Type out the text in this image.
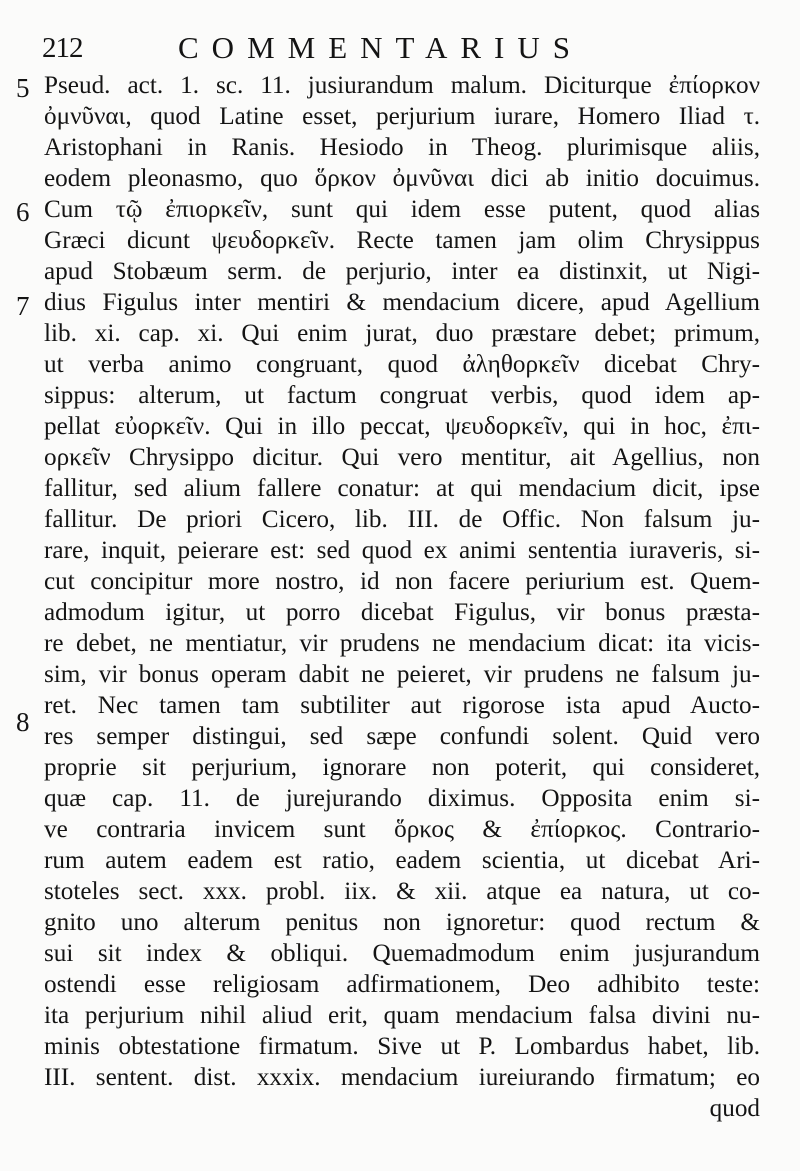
212	COMMENTARIUS
5
6
7
8
Pseud. act. 1. sc. 11. jusiurandum malum. Diciturque ἐπίορκον
ὀμνῦναι, quod Latine esset, perjurium iurare, Homero Iliad τ.
Aristophani in Ranis. Hesiodo in Theog. plurimisque aliis,
eodem pleonasmo, quo ὅρκον ὀμνῦναι dici ab initio docuimus.
Cum τῷ ἐπιορκεῖν, sunt qui idem esse putent, quod alias
Græci dicunt ψευδορκεῖν. Recte tamen jam olim Chrysippus
apud Stobæum serm. de perjurio, inter ea distinxit, ut Nigi-
dius Figulus inter mentiri & mendacium dicere, apud Agellium
lib. xi. cap. xi. Qui enim jurat, duo præstare debet; primum,
ut verba animo congruant, quod ἀληθορκεῖν dicebat Chry-
sippus: alterum, ut factum congruat verbis, quod idem ap-
pellat εὐορκεῖν. Qui in illo peccat, ψευδορκεῖν, qui in hoc, ἐπι-
ορκεῖν Chrysippo dicitur. Qui vero mentitur, ait Agellius, non
fallitur, sed alium fallere conatur: at qui mendacium dicit, ipse
fallitur. De priori Cicero, lib. III. de Offic. Non falsum ju-
rare, inquit, peierare est: sed quod ex animi sententia iuraveris, si-
cut concipitur more nostro, id non facere periurium est. Quem-
admodum igitur, ut porro dicebat Figulus, vir bonus præsta-
re debet, ne mentiatur, vir prudens ne mendacium dicat: ita vicis-
sim, vir bonus operam dabit ne peieret, vir prudens ne falsum ju-
ret. Nec tamen tam subtiliter aut rigorose ista apud Aucto-
res semper distingui, sed sæpe confundi solent. Quid vero
proprie sit perjurium, ignorare non poterit, qui consideret,
quæ cap. 11. de jurejurando diximus. Opposita enim si-
ve contraria invicem sunt ὅρκος & ἐπίορκος. Contrario-
rum autem eadem est ratio, eadem scientia, ut dicebat Ari-
stoteles sect. xxx. probl. iix. & xii. atque ea natura, ut co-
gnito uno alterum penitus non ignoretur: quod rectum &
sui sit index & obliqui. Quemadmodum enim jusjurandum
ostendi esse religiosam adfirmationem, Deo adhibito teste:
ita perjurium nihil aliud erit, quam mendacium falsa divini nu-
minis obtestatione firmatum. Sive ut P. Lombardus habet, lib.
III. sentent. dist. xxxix. mendacium iureiurando firmatum; eo
quod
